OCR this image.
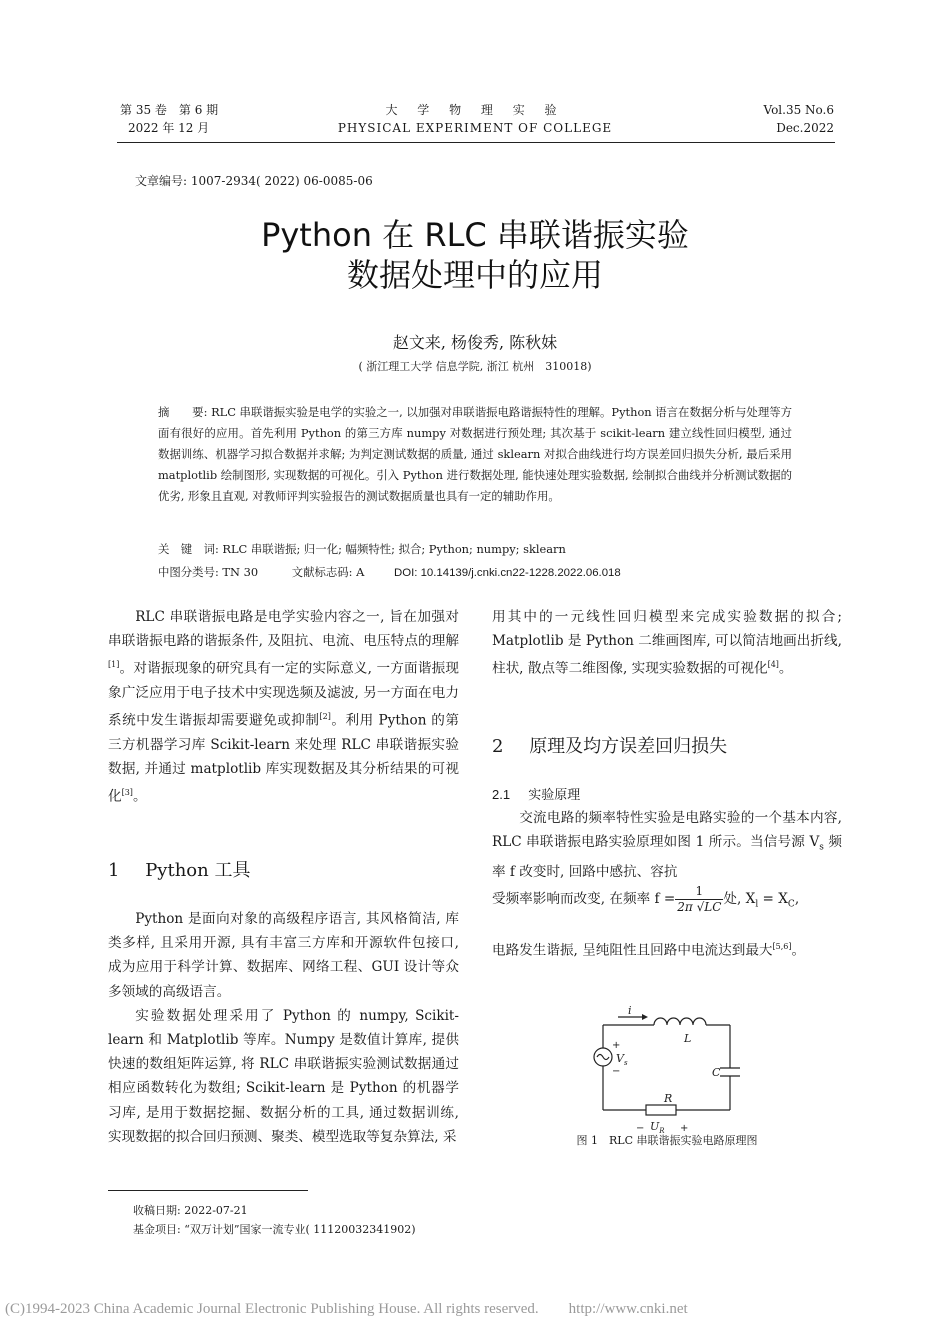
第 35 卷　第 6 期
2022 年 12 月
大 学 物 理 实 验
PHYSICAL EXPERIMENT OF COLLEGE
Vol.35 No.6
Dec.2022
文章编号: 1007-2934( 2022) 06-0085-06
Python 在 RLC 串联谐振实验
数据处理中的应用
赵文来, 杨俊秀, 陈秋妹
( 浙江理工大学 信息学院, 浙江 杭州　310018)
摘　　要: RLC 串联谐振实验是电学的实验之一, 以加强对串联谐振电路谐振特性的理解。Python 语言在数据分析与处理等方面有很好的应用。首先利用 Python 的第三方库 numpy 对数据进行预处理; 其次基于 scikit-learn 建立线性回归模型, 通过数据训练、机器学习拟合数据并求解; 为判定测试数据的质量, 通过 sklearn 对拟合曲线进行均方误差回归损失分析, 最后采用 matplotlib 绘制图形, 实现数据的可视化。引入 Python 进行数据处理, 能快速处理实验数据, 绘制拟合曲线并分析测试数据的优劣, 形象且直观, 对教师评判实验报告的测试数据质量也具有一定的辅助作用。
关　键　词: RLC 串联谐振; 归一化; 幅频特性; 拟合; Python; numpy; sklearn
中图分类号: TN 30	文献标志码: A	DOI: 10.14139/j.cnki.cn22-1228.2022.06.018

RLC 串联谐振电路是电学实验内容之一, 旨在加强对串联谐振电路的谐振条件, 及阻抗、电流、电压特点的理解[1]。对谐振现象的研究具有一定的实际意义, 一方面谐振现象广泛应用于电子技术中实现选频及滤波, 另一方面在电力系统中发生谐振却需要避免或抑制[2]。利用 Python 的第三方机器学习库 Scikit-learn 来处理 RLC 串联谐振实验数据, 并通过 matplotlib 库实现数据及其分析结果的可视化[3]。

1 Python 工具

Python 是面向对象的高级程序语言, 其风格简洁, 库类多样, 且采用开源, 具有丰富三方库和开源软件包接口, 成为应用于科学计算、数据库、网络工程、GUI 设计等众多领域的高级语言。

实验数据处理采用了 Python 的 numpy, Scikit-learn 和 Matplotlib 等库。Numpy 是数值计算库, 提供快速的数组矩阵运算, 将 RLC 串联谐振实验测试数据通过相应函数转化为数组; Scikit-learn 是 Python 的机器学习库, 是用于数据挖掘、数据分析的工具, 通过数据训练, 实现数据的拟合回归预测、聚类、模型选取等复杂算法, 采

收稿日期: 2022-07-21
基金项目: “双万计划”国家一流专业( 11120032341902)

用其中的一元线性回归模型来完成实验数据的拟合; Matplotlib 是 Python 二维画图库, 可以简洁地画出折线, 柱状, 散点等二维图像, 实现实验数据的可视化[4]。

2 原理及均方误差回归损失
2.1 实验原理

交流电路的频率特性实验是电路实验的一个基本内容, RLC 串联谐振电路实验原理如图 1 所示。当信号源 $V_s$ 频率 f 改变时, 回路中感抗、容抗

受频率影响而改变, 在频率 $f = \frac{1}{2\pi √LC}$ 处, $X_l = X_C$,

电路发生谐振, 呈纯阻性且回路中电流达到最大[5,6]。

i
L
C
R
$V_s$
$U_R$
+
−
−	+
图 1　RLC 串联谐振实验电路原理图
(C)1994-2023 China Academic Journal Electronic Publishing House. All rights reserved.　　http://www.cnki.net
